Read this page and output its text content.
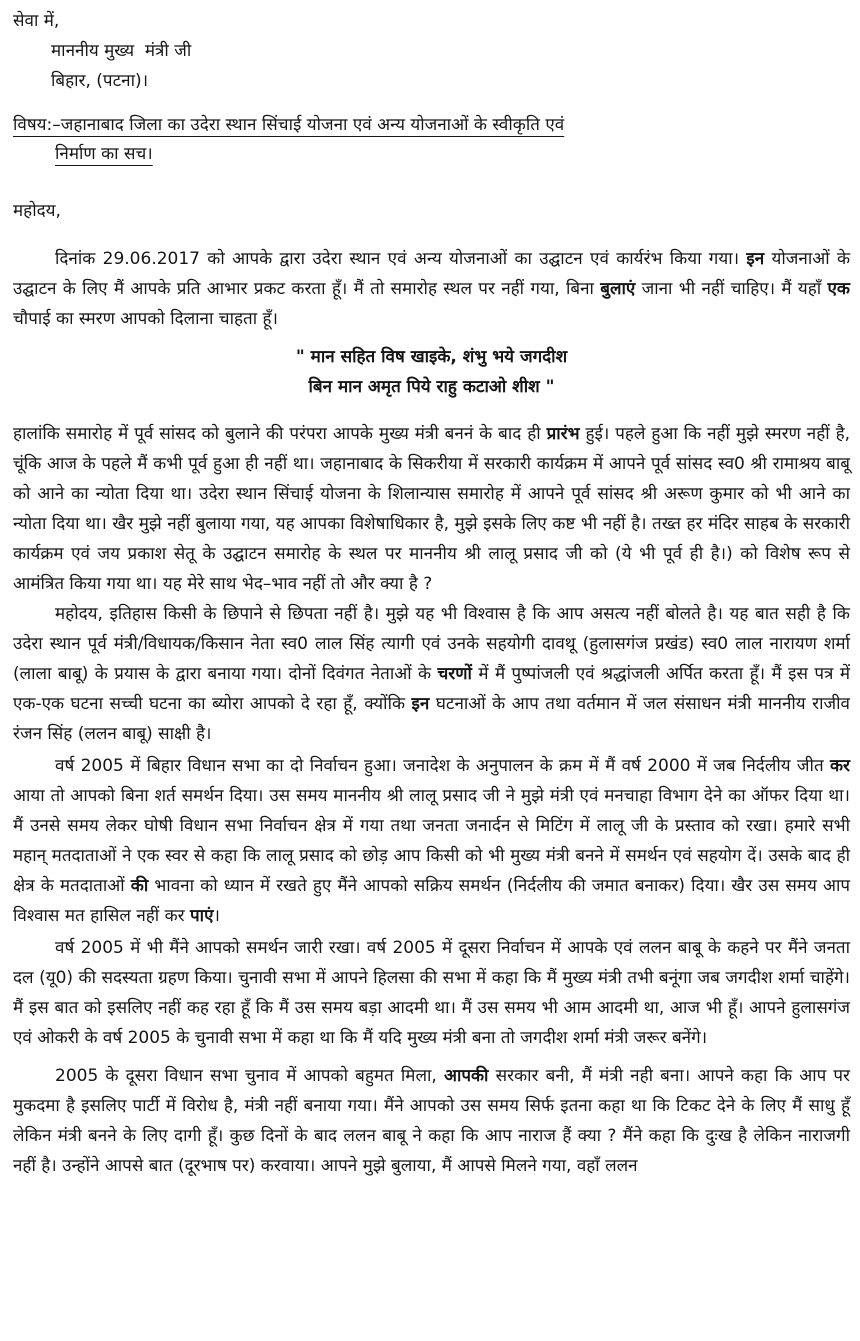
सेवा में,
माननीय मुख्य  मंत्री जी
बिहार, (पटना)।
विषय:–जहानाबाद जिला का उदेरा स्थान सिंचाई योजना एवं अन्य योजनाओं के स्वीकृति एवं
निर्माण का सच।
महोदय,

दिनांक 29.06.2017 को आपके द्वारा उदेरा स्थान एवं अन्य योजनाओं का उद्घाटन एवं कार्यरंभ किया गया। इन योजनाओं के उद्घाटन के लिए मैं आपके प्रति आभार प्रकट करता हूँ। मैं तो समारोह स्थल पर नहीं गया, बिना बुलाएं जाना भी नहीं चाहिए। मैं यहाँ एक चौपाई का स्मरण आपको दिलाना चाहता हूँ।

" मान सहित विष खाइके, शंभु भये जगदीश
बिन मान अमृत पिये राहु कटाओ शीश "

हालांकि समारोह में पूर्व सांसद को बुलाने की परंपरा आपके मुख्य मंत्री बननं के बाद ही प्रारंभ हुई। पहले हुआ कि नहीं मुझे स्मरण नहीं है, चूंकि आज के पहले मैं कभी पूर्व हुआ ही नहीं था। जहानाबाद के सिकरीया में सरकारी कार्यक्रम में आपने पूर्व सांसद स्व0 श्री रामाश्रय बाबू को आने का न्योता दिया था। उदेरा स्थान सिंचाई योजना के शिलान्यास समारोह में आपने पूर्व सांसद श्री अरूण कुमार को भी आने का न्योता दिया था। खैर मुझे नहीं बुलाया गया, यह आपका विशेषाधिकार है, मुझे इसके लिए कष्ट भी नहीं है। तख्त हर मंदिर साहब के सरकारी कार्यक्रम एवं जय प्रकाश सेतू के उद्घाटन समारोह के स्थल पर माननीय श्री लालू प्रसाद जी को (ये भी पूर्व ही है।) को विशेष रूप से आमंत्रित किया गया था। यह मेरे साथ भेद–भाव नहीं तो और क्या है ?

महोदय, इतिहास किसी के छिपाने से छिपता नहीं है। मुझे यह भी विश्वास है कि आप असत्य नहीं बोलते है। यह बात सही है कि उदेरा स्थान पूर्व मंत्री/विधायक/किसान नेता स्व0 लाल सिंह त्यागी एवं उनके सहयोगी दावथू (हुलासगंज प्रखंड) स्व0 लाल नारायण शर्मा (लाला बाबू) के प्रयास के द्वारा बनाया गया। दोनों दिवंगत नेताओं के चरणों में मैं पुष्पांजली एवं श्रद्धांजली अर्पित करता हूँ। मैं इस पत्र में एक-एक घटना सच्ची घटना का ब्योरा आपको दे रहा हूँ, क्योंकि इन घटनाओं के आप तथा वर्तमान में जल संसाधन मंत्री माननीय राजीव रंजन सिंह (ललन बाबू) साक्षी है।

वर्ष 2005 में बिहार विधान सभा का दो निर्वाचन हुआ। जनादेश के अनुपालन के क्रम में मैं वर्ष 2000 में जब निर्दलीय जीत कर आया तो आपको बिना शर्त समर्थन दिया। उस समय माननीय श्री लालू प्रसाद जी ने मुझे मंत्री एवं मनचाहा विभाग देने का ऑफर दिया था। मैं उनसे समय लेकर घोषी विधान सभा निर्वाचन क्षेत्र में गया तथा जनता जनार्दन से मिटिंग में लालू जी के प्रस्ताव को रखा। हमारे सभी महान् मतदाताओं ने एक स्वर से कहा कि लालू प्रसाद को छोड़ आप किसी को भी मुख्य मंत्री बनने में समर्थन एवं सहयोग दें। उसके बाद ही क्षेत्र के मतदाताओं की भावना को ध्यान में रखते हुए मैंने आपको सक्रिय समर्थन (निर्दलीय की जमात बनाकर) दिया। खैर उस समय आप विश्वास मत हासिल नहीं कर पाएं।

वर्ष 2005 में भी मैंने आपको समर्थन जारी रखा। वर्ष 2005 में दूसरा निर्वाचन में आपके एवं ललन बाबू के कहने पर मैंने जनता दल (यू0) की सदस्यता ग्रहण किया। चुनावी सभा में आपने हिलसा की सभा में कहा कि मैं मुख्य मंत्री तभी बनूंगा जब जगदीश शर्मा चाहेंगे। मैं इस बात को इसलिए नहीं कह रहा हूँ कि मैं उस समय बड़ा आदमी था। मैं उस समय भी आम आदमी था, आज भी हूँ। आपने हुलासगंज एवं ओकरी के वर्ष 2005 के चुनावी सभा में कहा था कि मैं यदि मुख्य मंत्री बना तो जगदीश शर्मा मंत्री जरूर बनेंगे।

2005 के दूसरा विधान सभा चुनाव में आपको बहुमत मिला, आपकी सरकार बनी, मैं मंत्री नही बना। आपने कहा कि आप पर मुकदमा है इसलिए पार्टी में विरोध है, मंत्री नहीं बनाया गया। मैंने आपको उस समय सिर्फ इतना कहा था कि टिकट देने के लिए मैं साधु हूँ लेकिन मंत्री बनने के लिए दागी हूँ। कुछ दिनों के बाद ललन बाबू ने कहा कि आप नाराज हैं क्या ? मैंने कहा कि दुःख है लेकिन नाराजगी नहीं है। उन्होंने आपसे बात (दूरभाष पर) करवाया। आपने मुझे बुलाया, मैं आपसे मिलने गया, वहाँ ललन
